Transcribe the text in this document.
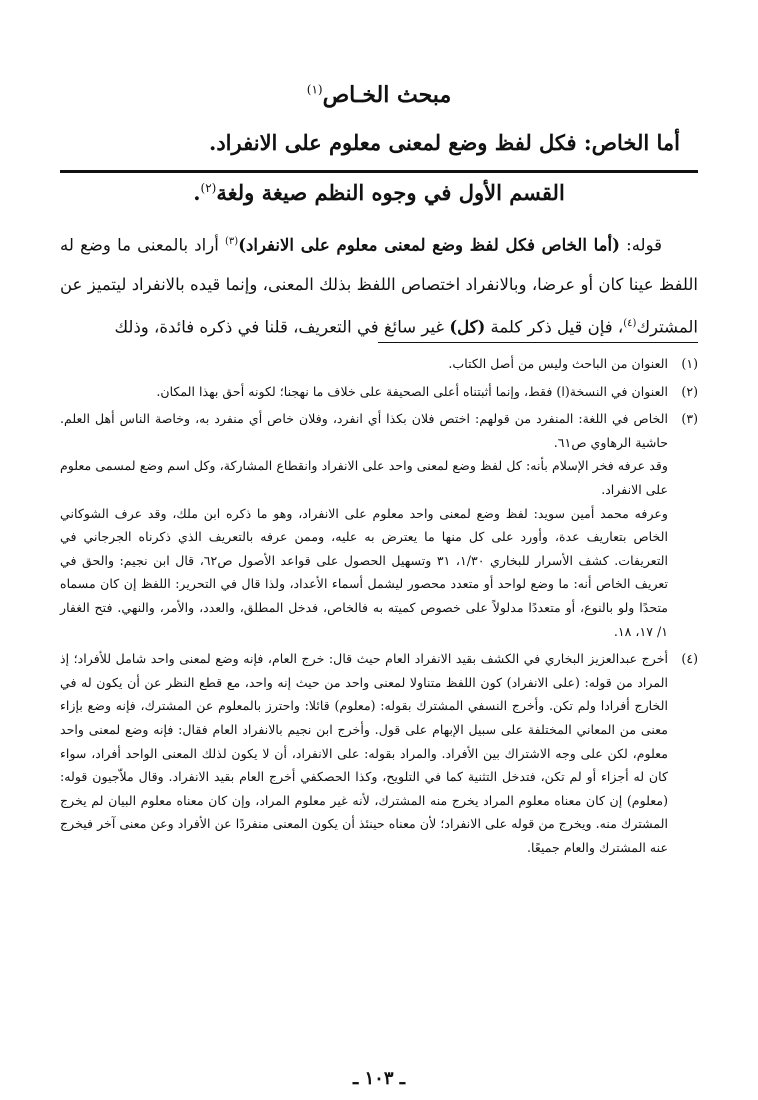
مبحث الخـاص$^{(١)}$
أما الخاص: فكل لفظ وضع لمعنى معلوم على الانفراد.
القسم الأول في وجوه النظم صيغة ولغة$^{(٢)}$.

قوله: (أما الخاص فكل لفظ وضع لمعنى معلوم على الانفراد)$^{(٣)}$ أراد بالمعنى ما وضع له اللفظ عينا كان أو عرضا، وبالانفراد اختصاص اللفظ بذلك المعنى، وإنما قيده بالانفراد ليتميز عن المشترك$^{(٤)}$، فإن قيل ذكر كلمة (كل) غير سائغ في التعريف، قلنا في ذكره فائدة، وذلك

(١)

العنوان من الباحث وليس من أصل الكتاب.

(٢)

العنوان في النسخة(ا) فقط، وإنما أثبتناه أعلى الصحيفة على خلاف ما نهجنا؛ لكونه أحق بهذا المكان.

(٣)

الخاص في اللغة: المنفرد من قولهم: اختص فلان بكذا أي انفرد، وفلان خاص أي منفرد به، وخاصة الناس أهل العلم. حاشية الرهاوي ص٦١.

وقد عرفه فخر الإسلام بأنه: كل لفظ وضع لمعنى واحد على الانفراد وانقطاع المشاركة، وكل اسم وضع لمسمى معلوم على الانفراد.

وعرفه محمد أمين سويد: لفظ وضع لمعنى واحد معلوم على الانفراد، وهو ما ذكره ابن ملك، وقد عرف الشوكاني الخاص بتعاريف عدة، وأورد على كل منها ما يعترض به عليه، وممن عرفه بالتعريف الذي ذكرناه الجرجاني في التعريفات. كشف الأسرار للبخاري ١/٣٠، ٣١ وتسهيل الحصول على قواعد الأصول ص٦٢، قال ابن نجيم: والحق في تعريف الخاص أنه: ما وضع لواحد أو متعدد محصور ليشمل أسماء الأعداد، ولذا قال في التحرير: اللفظ إن كان مسماه متحدًا ولو بالنوع، أو متعددًا مدلولاً على خصوص كميته به فالخاص، فدخل المطلق، والعدد، والأمر، والنهي. فتح الغفار ١/ ١٧، ١٨.

(٤)

أخرج عبدالعزيز البخاري في الكشف بقيد الانفراد العام حيث قال: خرج العام، فإنه وضع لمعنى واحد شامل للأفراد؛ إذ المراد من قوله: (على الانفراد) كون اللفظ متناولا لمعنى واحد من حيث إنه واحد، مع قطع النظر عن أن يكون له في الخارج أفرادا ولم تكن. وأخرج النسفي المشترك بقوله: (معلوم) قائلا: واحترز بالمعلوم عن المشترك، فإنه وضع بإزاء معنى من المعاني المختلفة على سبيل الإبهام على قول. وأخرج ابن نجيم بالانفراد العام فقال: فإنه وضع لمعنى واحد معلوم، لكن على وجه الاشتراك بين الأفراد. والمراد بقوله: على الانفراد، أن لا يكون لذلك المعنى الواحد أفراد، سواء كان له أجزاء أو لم تكن، فتدخل التثنية كما في التلويح، وكذا الحصكفي أخرج العام بقيد الانفراد. وقال ملاّجيون قوله: (معلوم) إن كان معناه معلوم المراد يخرج منه المشترك، لأنه غير معلوم المراد، وإن كان معناه معلوم البيان لم يخرج المشترك منه. ويخرج من قوله على الانفراد؛ لأن معناه حينئذ أن يكون المعنى منفردًا عن الأفراد وعن معنى آخر فيخرج عنه المشترك والعام جميعًا.

ـ ١٠٣ ـ
